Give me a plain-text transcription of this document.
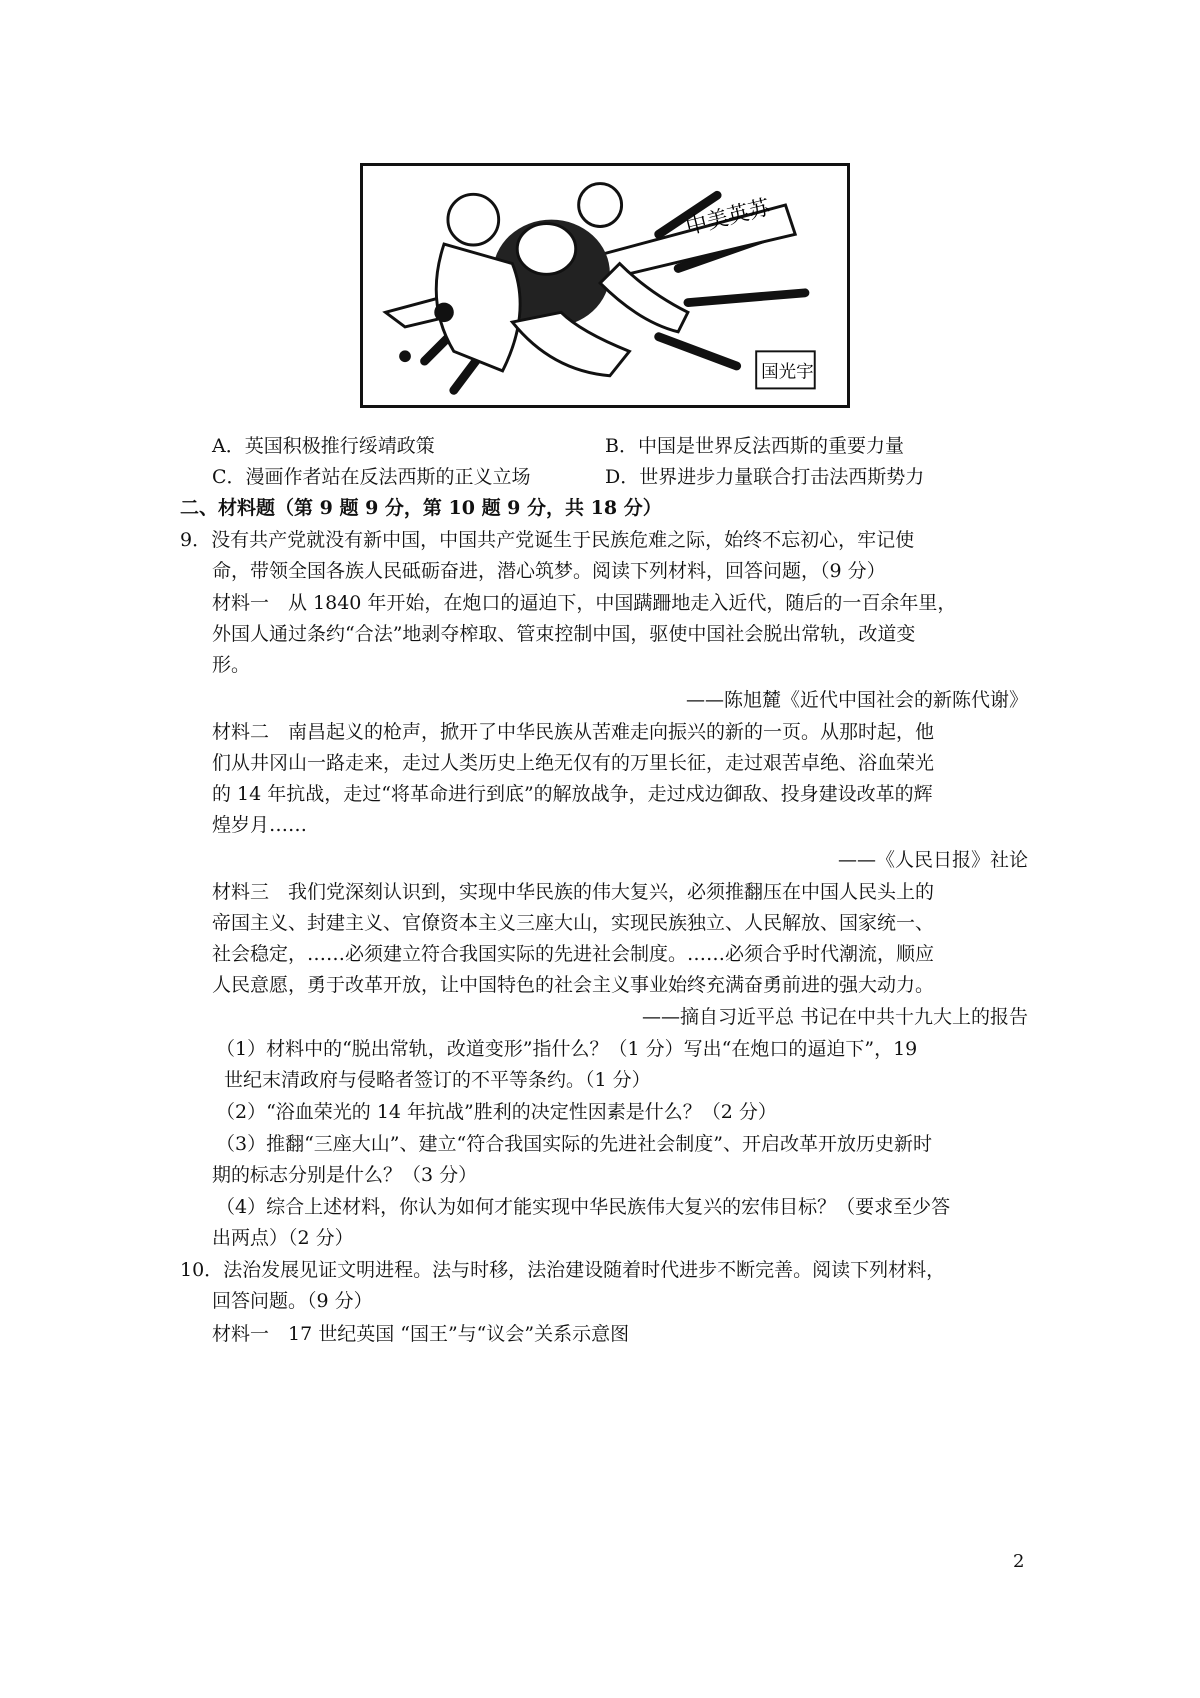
中美英苏
国光宇
A．英国积极推行绥靖政策	B．中国是世界反法西斯的重要力量
C．漫画作者站在反法西斯的正义立场	D．世界进步力量联合打击法西斯势力
二、材料题（第 9 题 9 分，第 10 题 9 分，共 18 分）
9．没有共产党就没有新中国，中国共产党诞生于民族危难之际，始终不忘初心，牢记使
命，带领全国各族人民砥砺奋进，潜心筑梦。阅读下列材料，回答问题，（9 分）
材料一　从 1840 年开始，在炮口的逼迫下，中国蹒跚地走入近代，随后的一百余年里，
外国人通过条约“合法”地剥夺榨取、管束控制中国，驱使中国社会脱出常轨，改道变
形。
——陈旭麓《近代中国社会的新陈代谢》
材料二　南昌起义的枪声，掀开了中华民族从苦难走向振兴的新的一页。从那时起，他
们从井冈山一路走来，走过人类历史上绝无仅有的万里长征，走过艰苦卓绝、浴血荣光
的 14 年抗战，走过“将革命进行到底”的解放战争，走过戍边御敌、投身建设改革的辉
煌岁月……
——《人民日报》社论
材料三　我们党深刻认识到，实现中华民族的伟大复兴，必须推翻压在中国人民头上的
帝国主义、封建主义、官僚资本主义三座大山，实现民族独立、人民解放、国家统一、
社会稳定，……必须建立符合我国实际的先进社会制度。……必须合乎时代潮流，顺应
人民意愿，勇于改革开放，让中国特色的社会主义事业始终充满奋勇前进的强大动力。
——摘自习近平总 书记在中共十九大上的报告
（1）材料中的“脱出常轨，改道变形”指什么？（1 分）写出“在炮口的逼迫下”，19
世纪末清政府与侵略者签订的不平等条约。（1 分）
（2）“浴血荣光的 14 年抗战”胜利的决定性因素是什么？（2 分）
（3）推翻“三座大山”、建立“符合我国实际的先进社会制度”、开启改革开放历史新时
期的标志分别是什么？（3 分）
（4）综合上述材料，你认为如何才能实现中华民族伟大复兴的宏伟目标？（要求至少答
出两点）（2 分）
10．法治发展见证文明进程。法与时移，法治建设随着时代进步不断完善。阅读下列材料，
回答问题。（9 分）
材料一　17 世纪英国 “国王”与“议会”关系示意图
2
